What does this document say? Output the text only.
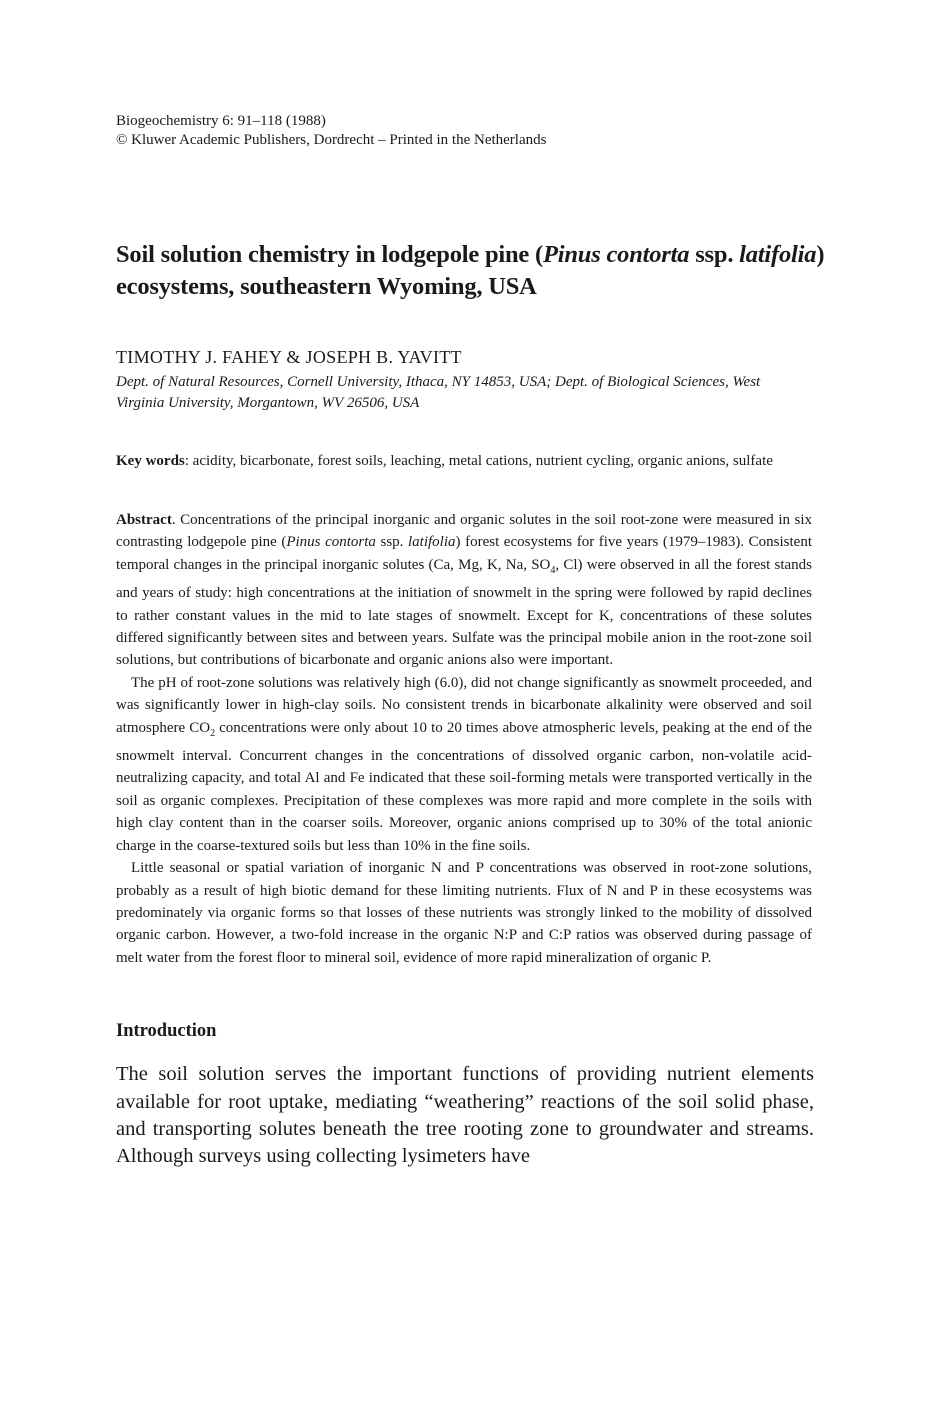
Biogeochemistry 6: 91–118 (1988)
© Kluwer Academic Publishers, Dordrecht – Printed in the Netherlands
Soil solution chemistry in lodgepole pine (Pinus contorta ssp. latifolia) ecosystems, southeastern Wyoming, USA
TIMOTHY J. FAHEY & JOSEPH B. YAVITT
Dept. of Natural Resources, Cornell University, Ithaca, NY 14853, USA; Dept. of Biological Sciences, West Virginia University, Morgantown, WV 26506, USA
Key words: acidity, bicarbonate, forest soils, leaching, metal cations, nutrient cycling, organic anions, sulfate

Abstract. Concentrations of the principal inorganic and organic solutes in the soil root-zone were measured in six contrasting lodgepole pine (Pinus contorta ssp. latifolia) forest ecosystems for five years (1979–1983). Consistent temporal changes in the principal inorganic solutes (Ca, Mg, K, Na, $SO_4$, Cl) were observed in all the forest stands and years of study: high concentrations at the initiation of snowmelt in the spring were followed by rapid declines to rather constant values in the mid to late stages of snowmelt. Except for K, concentrations of these solutes differed significantly between sites and between years. Sulfate was the principal mobile anion in the root-zone soil solutions, but contributions of bicarbonate and organic anions also were important.

The pH of root-zone solutions was relatively high (6.0), did not change significantly as snowmelt proceeded, and was significantly lower in high-clay soils. No consistent trends in bicarbonate alkalinity were observed and soil atmosphere $CO_2$ concentrations were only about 10 to 20 times above atmospheric levels, peaking at the end of the snowmelt interval. Concurrent changes in the concentrations of dissolved organic carbon, non-volatile acid-neutralizing capacity, and total Al and Fe indicated that these soil-forming metals were transported vertically in the soil as organic complexes. Precipitation of these complexes was more rapid and more complete in the soils with high clay content than in the coarser soils. Moreover, organic anions comprised up to 30% of the total anionic charge in the coarse-textured soils but less than 10% in the fine soils.

Little seasonal or spatial variation of inorganic N and P concentrations was observed in root-zone solutions, probably as a result of high biotic demand for these limiting nutrients. Flux of N and P in these ecosystems was predominately via organic forms so that losses of these nutrients was strongly linked to the mobility of dissolved organic carbon. However, a two-fold increase in the organic N:P and C:P ratios was observed during passage of melt water from the forest floor to mineral soil, evidence of more rapid mineralization of organic P.

Introduction

The soil solution serves the important functions of providing nutrient elements available for root uptake, mediating “weathering” reactions of the soil solid phase, and transporting solutes beneath the tree rooting zone to groundwater and streams. Although surveys using collecting lysimeters have
